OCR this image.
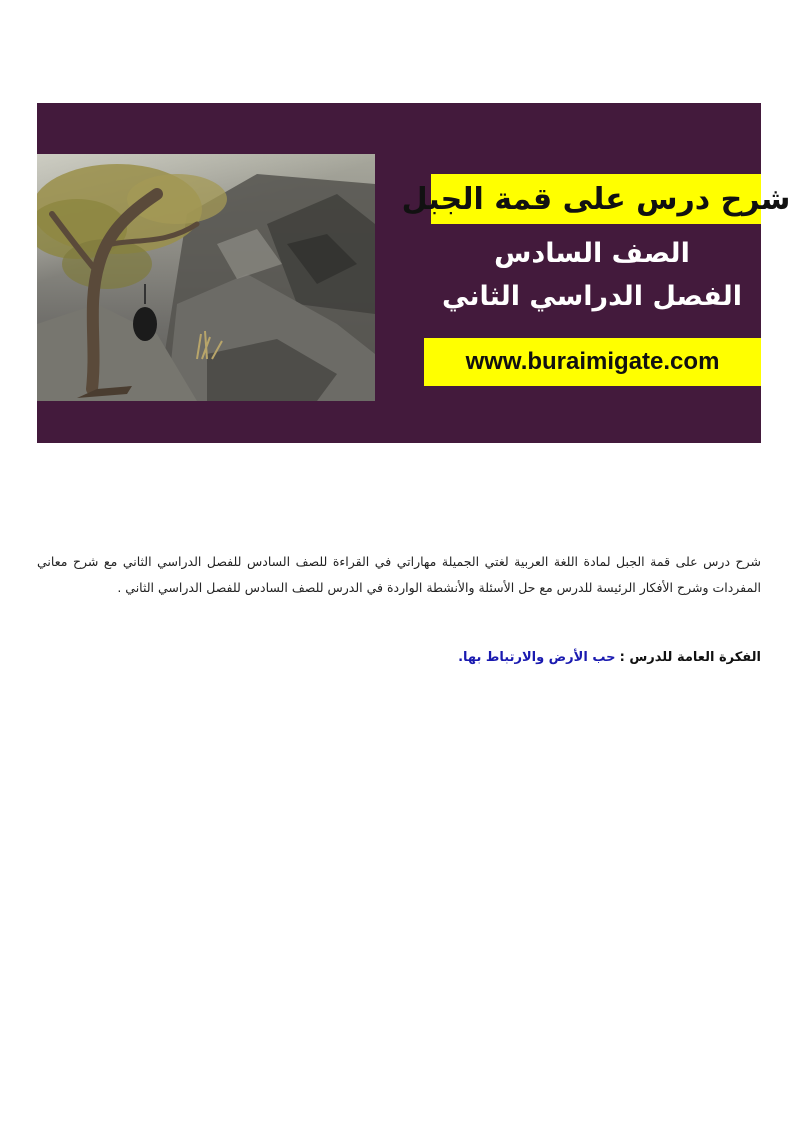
شرح درس على قمة الجبل
الصف السادس
الفصل الدراسي الثاني
www.buraimigate.com

شرح درس على قمة الجبل لمادة اللغة العربية لغتي الجميلة مهاراتي في القراءة للصف السادس للفصل الدراسي الثاني مع شرح معاني المفردات وشرح الأفكار الرئيسة للدرس مع حل الأسئلة والأنشطة الواردة في الدرس للصف السادس للفصل الدراسي الثاني .

الفكرة العامة للدرس : حب الأرض والارتباط بها.
